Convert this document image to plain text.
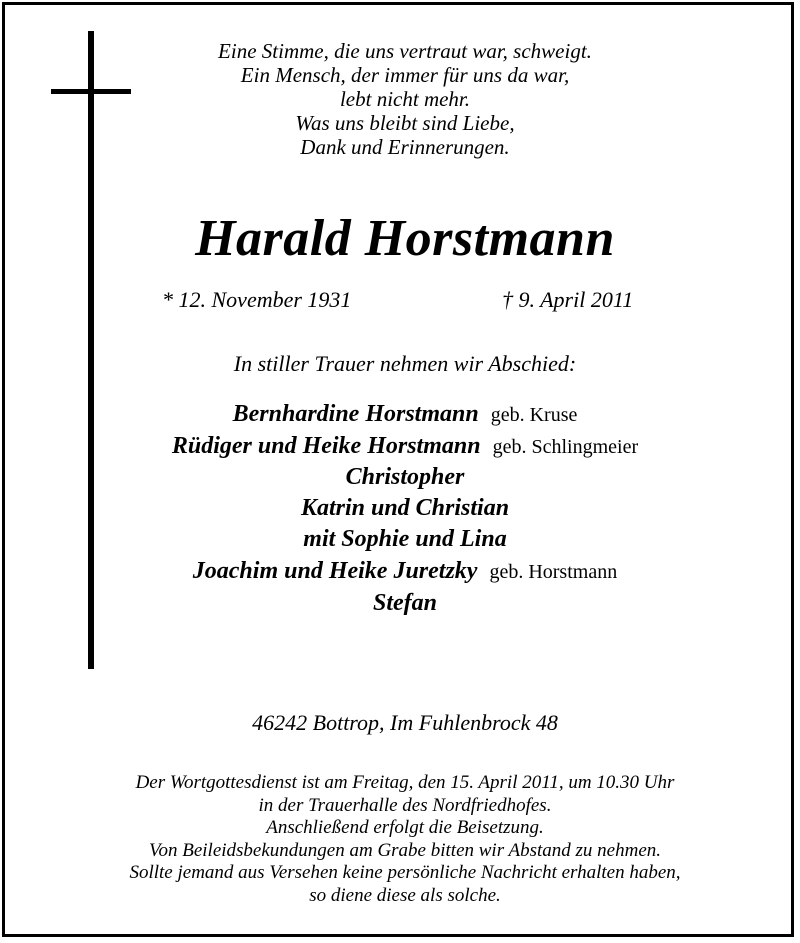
Eine Stimme, die uns vertraut war, schweigt.
Ein Mensch, der immer für uns da war,
lebt nicht mehr.
Was uns bleibt sind Liebe,
Dank und Erinnerungen.
Harald Horstmann
* 12. November 1931	† 9. April 2011
In stiller Trauer nehmen wir Abschied:
Bernhardine Horstmann geb. Kruse
Rüdiger und Heike Horstmann geb. Schlingmeier
Christopher
Katrin und Christian
mit Sophie und Lina
Joachim und Heike Juretzky geb. Horstmann
Stefan
46242 Bottrop, Im Fuhlenbrock 48
Der Wortgottesdienst ist am Freitag, den 15. April 2011, um 10.30 Uhr
in der Trauerhalle des Nordfriedhofes.
Anschließend erfolgt die Beisetzung.
Von Beileidsbekundungen am Grabe bitten wir Abstand zu nehmen.
Sollte jemand aus Versehen keine persönliche Nachricht erhalten haben,
so diene diese als solche.
